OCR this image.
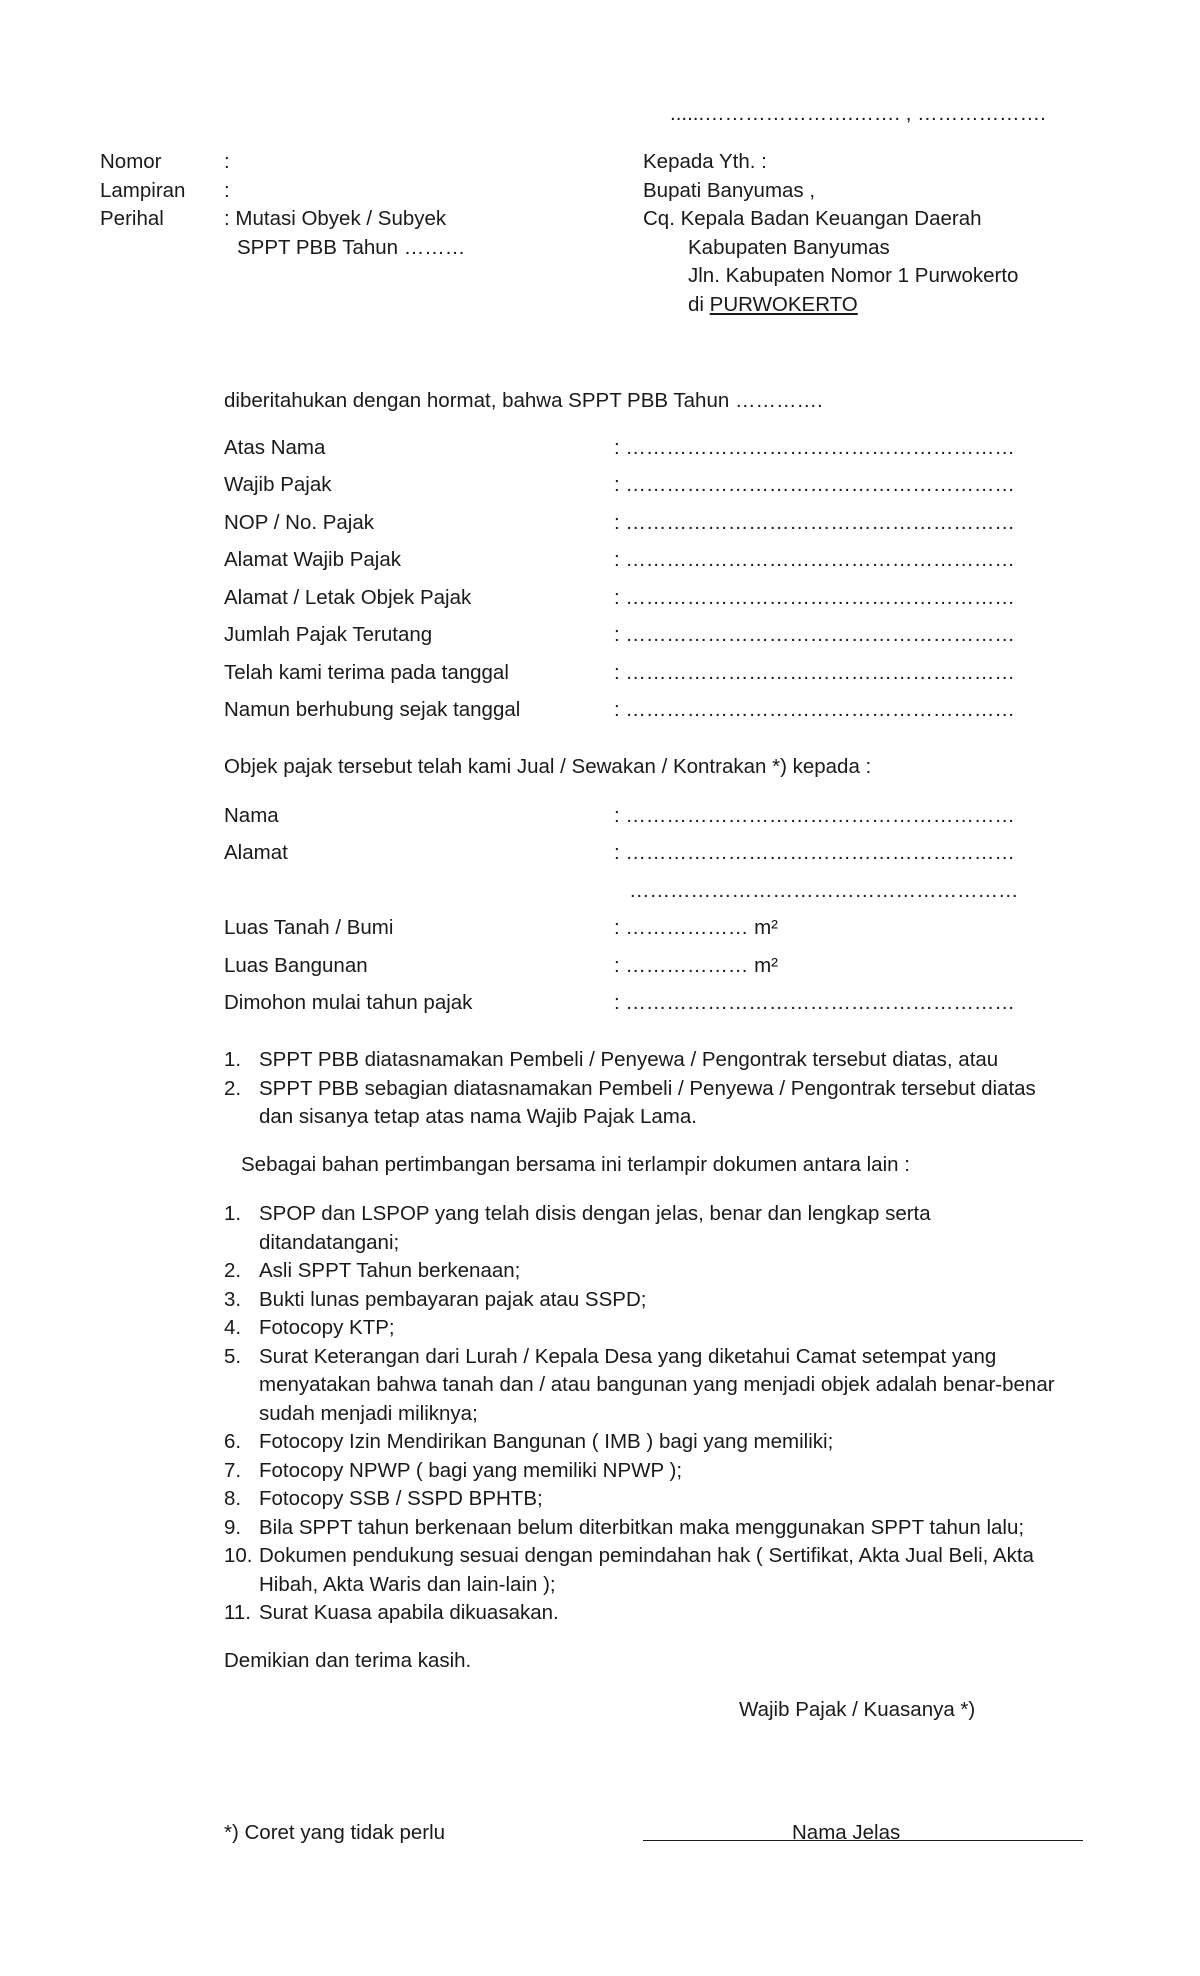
......………………….……. , ……………….
Nomor	:
Lampiran :
Perihal	: Mutasi Obyek / Subyek
SPPT PBB Tahun ………
Kepada Yth. :
Bupati Banyumas ,
Cq. Kepala Badan Keuangan Daerah
Kabupaten Banyumas
Jln. Kabupaten Nomor 1 Purwokerto
di PURWOKERTO
diberitahukan dengan hormat, bahwa SPPT PBB Tahun ………….
Atas Nama	: …………………………………………………
Wajib Pajak	: …………………………………………………
NOP / No. Pajak	: …………………………………………………
Alamat Wajib Pajak	: …………………………………………………
Alamat / Letak Objek Pajak	: …………………………………………………
Jumlah Pajak Terutang	: …………………………………………………
Telah kami terima pada tanggal	: …………………………………………………
Namun berhubung sejak tanggal	: …………………………………………………
Objek pajak tersebut telah kami Jual / Sewakan / Kontrakan *) kepada :
Nama	: …………………………………………………
Alamat	: …………………………………………………
…………………………………………………
Luas Tanah / Bumi	: ……………… m²
Luas Bangunan	: ……………… m²
Dimohon mulai tahun pajak	: …………………………………………………
1. SPPT PBB diatasnamakan Pembeli / Penyewa / Pengontrak tersebut diatas, atau
2. SPPT PBB sebagian diatasnamakan Pembeli / Penyewa / Pengontrak tersebut diatas
dan sisanya tetap atas nama Wajib Pajak Lama.
Sebagai bahan pertimbangan bersama ini terlampir dokumen antara lain :
1. SPOP dan LSPOP yang telah disis dengan jelas, benar dan lengkap serta
ditandatangani;
2. Asli SPPT Tahun berkenaan;
3. Bukti lunas pembayaran pajak atau SSPD;
4. Fotocopy KTP;
5. Surat Keterangan dari Lurah / Kepala Desa yang diketahui Camat setempat yang
menyatakan bahwa tanah dan / atau bangunan yang menjadi objek adalah benar-benar
sudah menjadi miliknya;
6. Fotocopy Izin Mendirikan Bangunan ( IMB ) bagi yang memiliki;
7. Fotocopy NPWP ( bagi yang memiliki NPWP );
8. Fotocopy SSB / SSPD BPHTB;
9. Bila SPPT tahun berkenaan belum diterbitkan maka menggunakan SPPT tahun lalu;
10. Dokumen pendukung sesuai dengan pemindahan hak ( Sertifikat, Akta Jual Beli, Akta
Hibah, Akta Waris dan lain-lain );
11. Surat Kuasa apabila dikuasakan.
Demikian dan terima kasih.
Wajib Pajak / Kuasanya *)
*) Coret yang tidak perlu	Nama Jelas
